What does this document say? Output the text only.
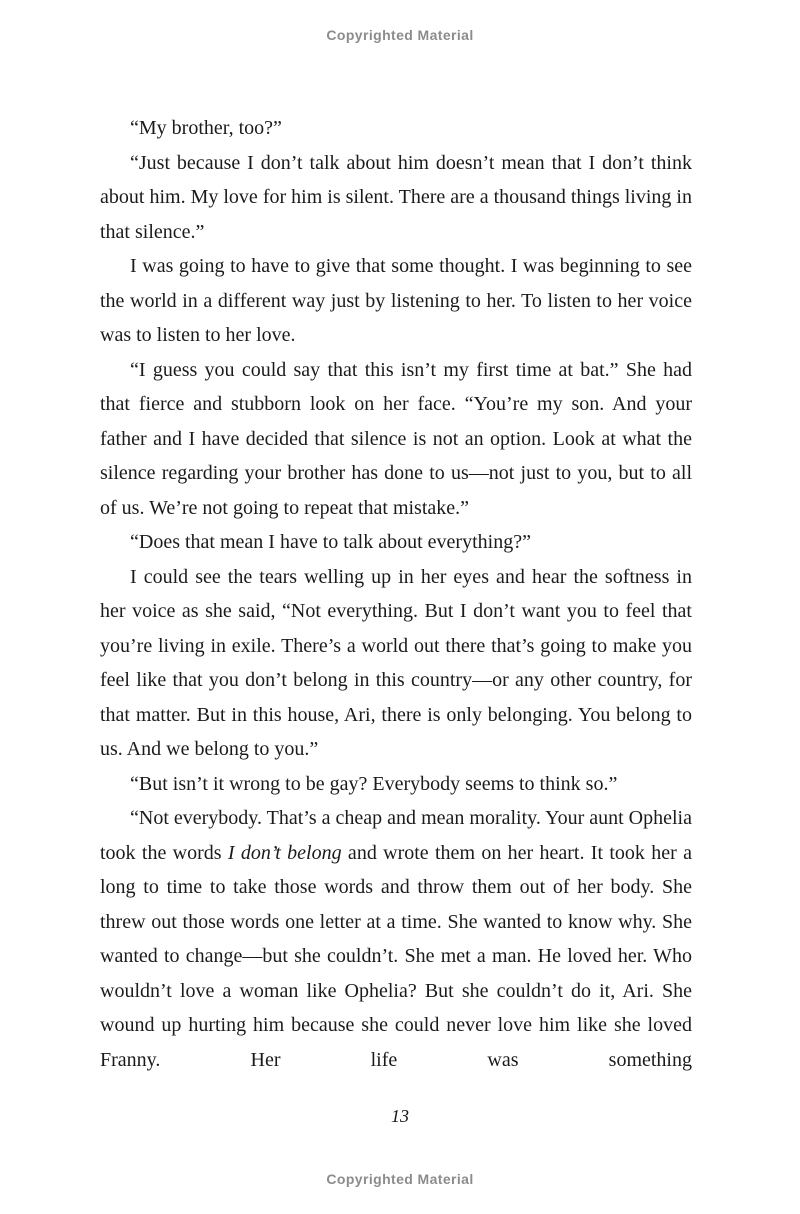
Copyrighted Material

“My brother, too?”

“Just because I don’t talk about him doesn’t mean that I don’t think about him. My love for him is silent. There are a thousand things living in that silence.”

I was going to have to give that some thought. I was beginning to see the world in a different way just by listening to her. To listen to her voice was to listen to her love.

“I guess you could say that this isn’t my first time at bat.” She had that fierce and stubborn look on her face. “You’re my son. And your father and I have decided that silence is not an option. Look at what the silence regarding your brother has done to us—not just to you, but to all of us. We’re not going to repeat that mistake.”

“Does that mean I have to talk about everything?”

I could see the tears welling up in her eyes and hear the softness in her voice as she said, “Not everything. But I don’t want you to feel that you’re living in exile. There’s a world out there that’s going to make you feel like that you don’t belong in this country—or any other country, for that matter. But in this house, Ari, there is only belonging. You belong to us. And we belong to you.”

“But isn’t it wrong to be gay? Everybody seems to think so.”

“Not everybody. That’s a cheap and mean morality. Your aunt Ophelia took the words I don’t belong and wrote them on her heart. It took her a long to time to take those words and throw them out of her body. She threw out those words one letter at a time. She wanted to know why. She wanted to change—but she couldn’t. She met a man. He loved her. Who wouldn’t love a woman like Ophelia? But she couldn’t do it, Ari. She wound up hurting him because she could never love him like she loved Franny. Her life was something

13
Copyrighted Material
